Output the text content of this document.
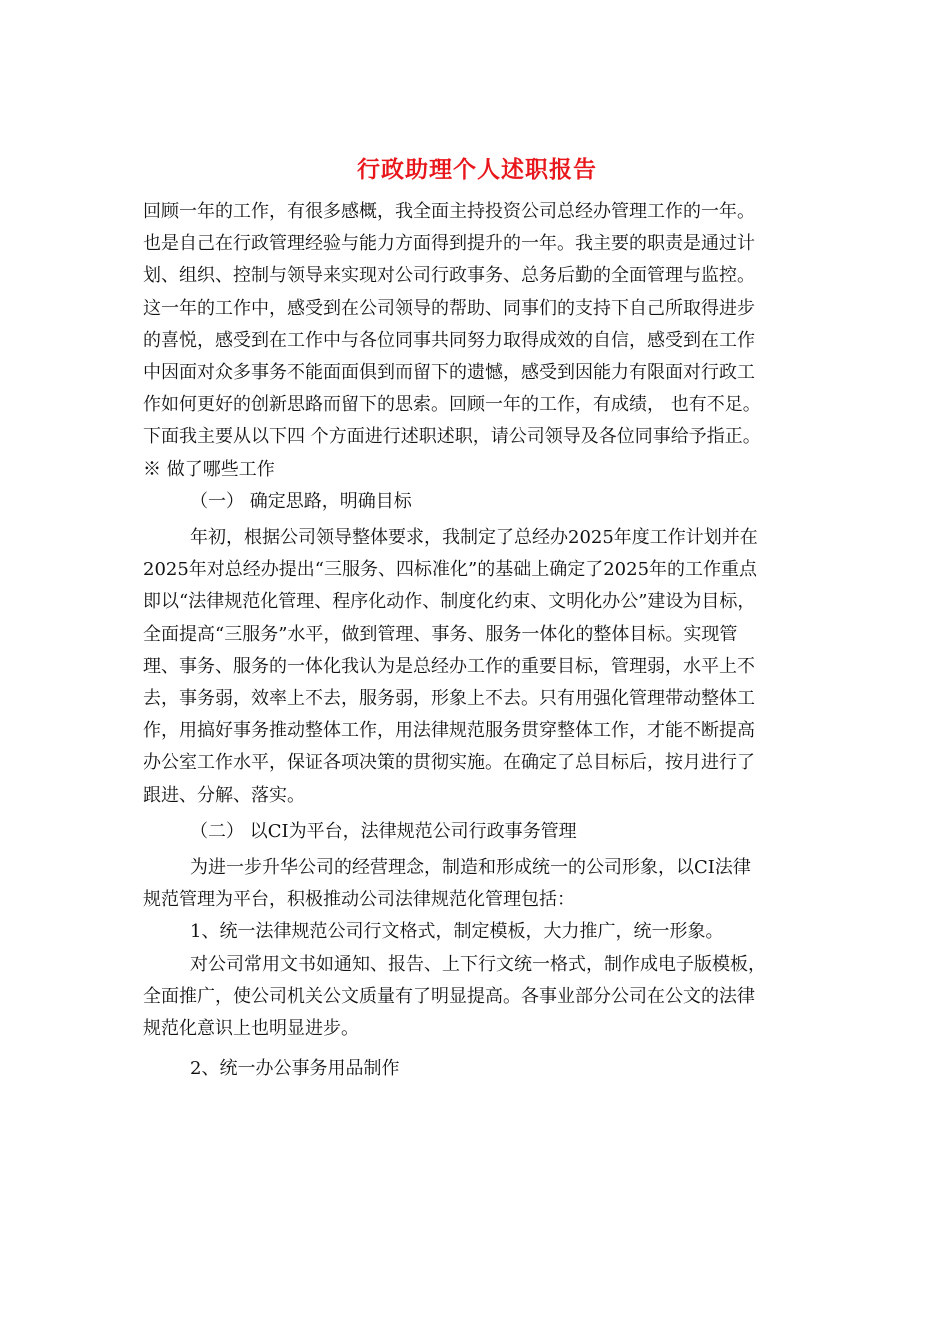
行政助理个人述职报告

回顾一年的工作，有很多感概，我全面主持投资公司总经办管理工作的一年。

也是自己在行政管理经验与能力方面得到提升的一年。我主要的职责是通过计

划、组织、控制与领导来实现对公司行政事务、总务后勤的全面管理与监控。

这一年的工作中，感受到在公司领导的帮助、同事们的支持下自己所取得进步

的喜悦，感受到在工作中与各位同事共同努力取得成效的自信，感受到在工作

中因面对众多事务不能面面俱到而留下的遗憾，感受到因能力有限面对行政工

作如何更好的创新思路而留下的思索。回顾一年的工作，有成绩， 也有不足。

下面我主要从以下四 个方面进行述职述职，请公司领导及各位同事给予指正。

※ 做了哪些工作

（一） 确定思路，明确目标

年初，根据公司领导整体要求，我制定了总经办2025年度工作计划并在

2025年对总经办提出“三服务、四标准化”的基础上确定了2025年的工作重点

即以“法律规范化管理、程序化动作、制度化约束、文明化办公”建设为目标，

全面提高“三服务”水平，做到管理、事务、服务一体化的整体目标。实现管

理、事务、服务的一体化我认为是总经办工作的重要目标，管理弱，水平上不

去，事务弱，效率上不去，服务弱，形象上不去。只有用强化管理带动整体工

作，用搞好事务推动整体工作，用法律规范服务贯穿整体工作，才能不断提高

办公室工作水平，保证各项决策的贯彻实施。在确定了总目标后，按月进行了

跟进、分解、落实。

（二） 以CI为平台，法律规范公司行政事务管理

为进一步升华公司的经营理念，制造和形成统一的公司形象，以CI法律

规范管理为平台，积极推动公司法律规范化管理包括：

1、统一法律规范公司行文格式，制定模板，大力推广，统一形象。

对公司常用文书如通知、报告、上下行文统一格式，制作成电子版模板，

全面推广，使公司机关公文质量有了明显提高。各事业部分公司在公文的法律

规范化意识上也明显进步。

2、统一办公事务用品制作
